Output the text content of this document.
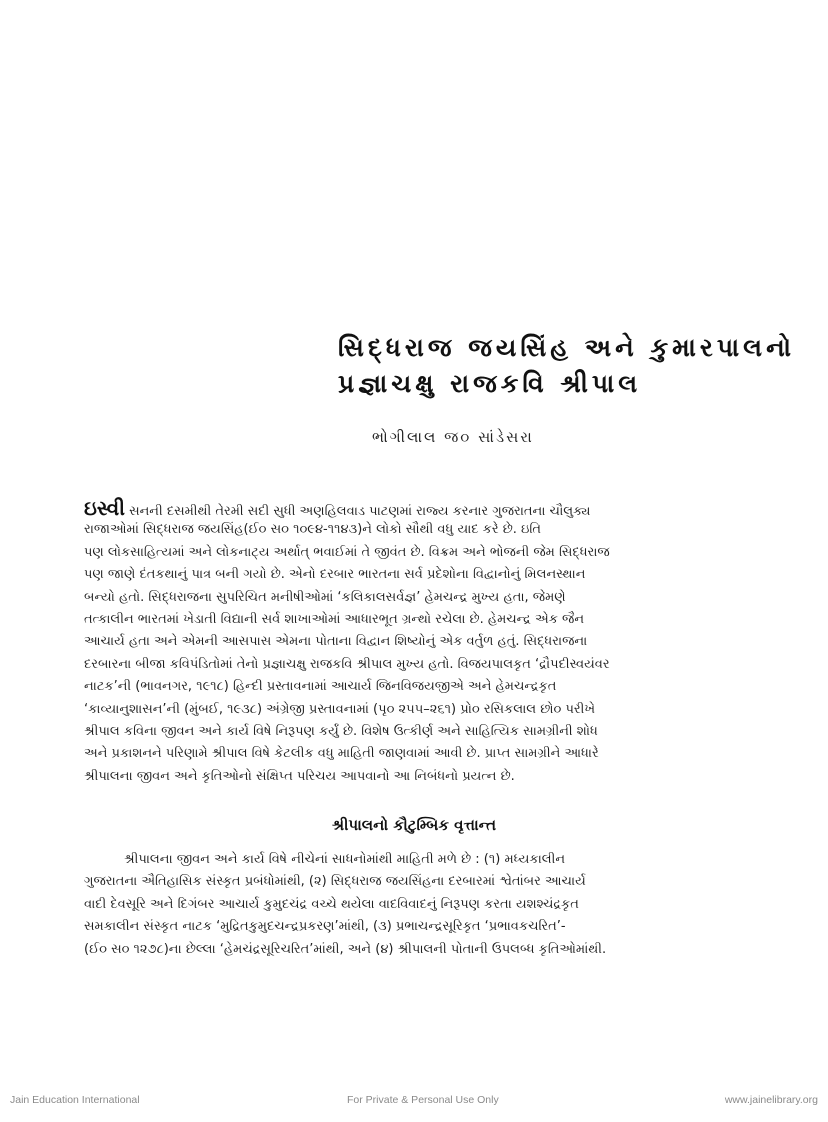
સિદ્ધરાજ જયસિંહ અને કુમારપાલનો
પ્રજ્ઞાચક્ષુ રાજકવિ શ્રીપાલ
ભોગીલાલ જ૦ સાંડેસરા
ઇસ્વી સનની દસમીથી તેરમી સદી સુધી અણહિલવાડ પાટણમાં રાજ્ય કરનાર ગુજરાતના ચૌલુક્ય
રાજાઓમાં સિદ્ધરાજ જયસિંહ(ઈ૦ સ૦ ૧૦૯૪-૧૧૪૩)ને લોકો સૌથી વધુ યાદ કરે છે. ઇતિ
પણ લોકસાહિત્યમાં અને લોકનાટ્ય અર્થાત્ ભવાઈમાં તે જીવંત છે. વિક્રમ અને ભોજની જેમ સિદ્ધરાજ
પણ જાણે દંતકથાનું પાત્ર બની ગયો છે. એનો દરબાર ભારતના સર્વ પ્રદેશોના વિદ્વાનોનું મિલનસ્થાન
બન્યો હતો. સિદ્ધરાજના સુપરિચિત મનીષીઓમાં ‘કલિકાલસર્વજ્ઞ’ હેમચન્દ્ર મુખ્ય હતા, જેમણે
તત્કાલીન ભારતમાં ખેડાતી વિદ્યાની સર્વ શાખાઓમાં આધારભૂત ગ્રન્થો રચેલા છે. હેમચન્દ્ર એક જૈન
આચાર્ય હતા અને એમની આસપાસ એમના પોતાના વિદ્વાન શિષ્યોનું એક વર્તુળ હતું. સિદ્ધરાજના
દરબારના બીજા કવિપંડિતોમાં તેનો પ્રજ્ઞાચક્ષુ રાજકવિ શ્રીપાલ મુખ્ય હતો. વિજયપાલકૃત ‘દ્રૌપદીસ્વયંવર
નાટક’ની (ભાવનગર, ૧૯૧૮) હિન્દી પ્રસ્તાવનામાં આચાર્ય જિનવિજયજીએ અને હેમચન્દ્રકૃત
‘કાવ્યાનુશાસન’ની (મુંબઈ, ૧૯૩૮) અંગ્રેજી પ્રસ્તાવનામાં (પૃ૦ ૨૫૫–૨૬૧) પ્રો૦ રસિકલાલ છો૦ પરીખે
શ્રીપાલ કવિના જીવન અને કાર્ય વિષે નિરૂપણ કર્યું છે. વિશેષ ઉત્કીર્ણ અને સાહિત્યિક સામગ્રીની શોધ
અને પ્રકાશનને પરિણામે શ્રીપાલ વિષે કેટલીક વધુ માહિતી જાણવામાં આવી છે. પ્રાપ્ત સામગ્રીને આધારે
શ્રીપાલના જીવન અને કૃતિઓનો સંક્ષિપ્ત પરિચય આપવાનો આ નિબંધનો પ્રયત્ન છે.
શ્રીપાલનો કૌટુમ્બિક વૃત્તાન્ત
શ્રીપાલના જીવન અને કાર્ય વિષે નીચેનાં સાધનોમાંથી માહિતી મળે છે : (૧) મધ્યકાલીન
ગુજરાતના ઐતિહાસિક સંસ્કૃત પ્રબંધોમાંથી, (૨) સિદ્ધરાજ જયસિંહના દરબારમાં શ્વેતાંબર આચાર્ય
વાદી દેવસૂરિ અને દિગંબર આચાર્ય કુમુદચંદ્ર વચ્ચે થયેલા વાદવિવાદનું નિરૂપણ કરતા યશશ્ચંદ્રકૃત
સમકાલીન સંસ્કૃત નાટક ‘મુદ્રિતકુમુદચન્દ્રપ્રકરણ’માંથી, (૩) પ્રભાચન્દ્રસૂરિકૃત ‘પ્રભાવકચરિત’-
(ઈ૦ સ૦ ૧૨૭૮)ના છેલ્લા ‘હેમચંદ્રસૂરિચરિત’માંથી, અને (૪) શ્રીપાલની પોતાની ઉપલબ્ધ કૃતિઓમાંથી.
Jain Education International	For Private & Personal Use Only	www.jainelibrary.org
